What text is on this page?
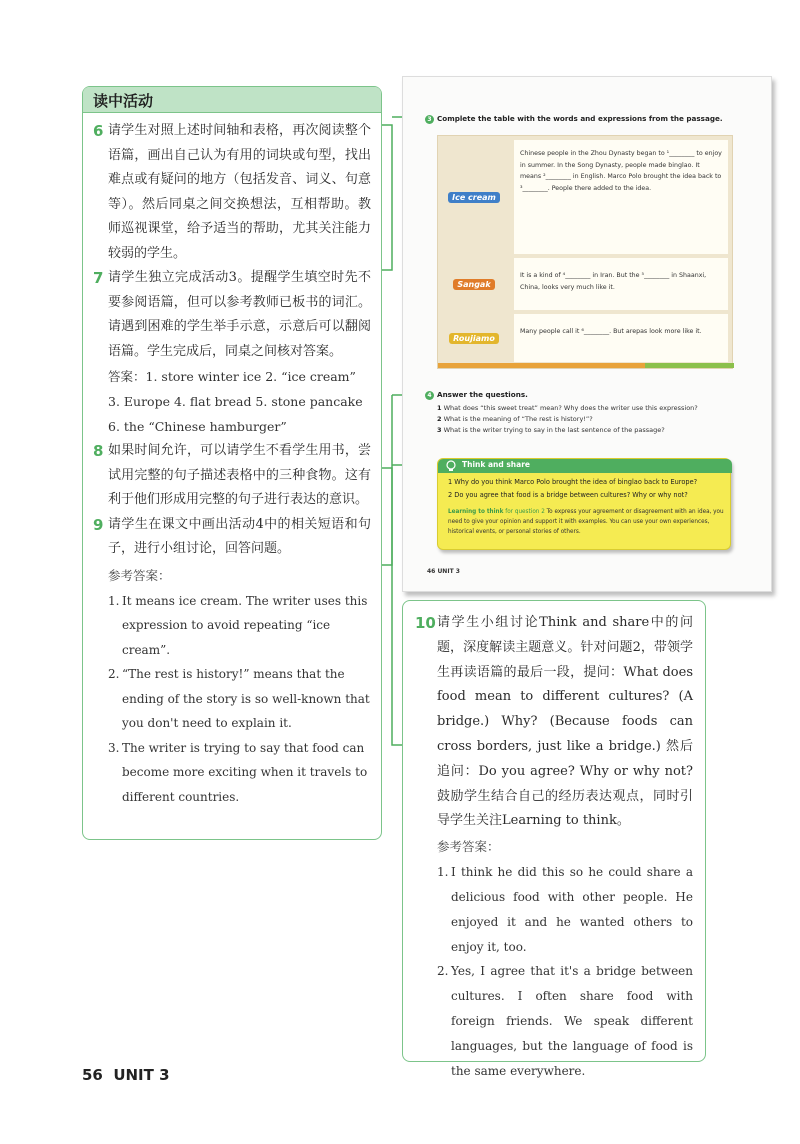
读中活动
6 请学生对照上述时间轴和表格，再次阅读整个语篇，画出自己认为有用的词块或句型，找出难点或有疑问的地方（包括发音、词义、句意等）。然后同桌之间交换想法，互相帮助。教师巡视课堂，给予适当的帮助，尤其关注能力较弱的学生。
7 请学生独立完成活动3。提醒学生填空时先不要参阅语篇，但可以参考教师已板书的词汇。请遇到困难的学生举手示意，示意后可以翻阅语篇。学生完成后，同桌之间核对答案。
答案：1. store winter ice 2. “ice cream”
3. Europe 4. flat bread 5. stone pancake
6. the “Chinese hamburger”
8 如果时间允许，可以请学生不看学生用书，尝试用完整的句子描述表格中的三种食物。这有利于他们形成用完整的句子进行表达的意识。
9 请学生在课文中画出活动4中的相关短语和句子，进行小组讨论，回答问题。
参考答案：
1. It means ice cream. The writer uses this expression to avoid repeating “ice cream”.
2. “The rest is history!” means that the ending of the story is so well-known that you don't need to explain it.
3. The writer is trying to say that food can become more exciting when it travels to different countries.
3 Complete the table with the words and expressions from the passage.
Ice cream
Chinese people in the Zhou Dynasty began to ¹________ to enjoy in summer. In the Song Dynasty, people made binglao. It means ²________ in English. Marco Polo brought the idea back to ³________. People there added to the idea.
Sangak
It is a kind of ⁴________ in Iran. But the ⁵________ in Shaanxi, China, looks very much like it.
Roujiamo
Many people call it ⁶________. But arepas look more like it.
4 Answer the questions.
1 What does “this sweet treat” mean? Why does the writer use this expression?
2 What is the meaning of “The rest is history!”?
3 What is the writer trying to say in the last sentence of the passage?
Think and share
1 Why do you think Marco Polo brought the idea of binglao back to Europe?
2 Do you agree that food is a bridge between cultures? Why or why not?
Learning to think for question 2 To express your agreement or disagreement with an idea, you need to give your opinion and support it with examples. You can use your own experiences, historical events, or personal stories of others.
46 UNIT 3
10 请学生小组讨论Think and share中的问题，深度解读主题意义。针对问题2，带领学生再读语篇的最后一段，提问：What does food mean to different cultures? (A bridge.) Why? (Because foods can cross borders, just like a bridge.) 然后追问：Do you agree? Why or why not? 鼓励学生结合自己的经历表达观点，同时引导学生关注Learning to think。
参考答案：
1. I think he did this so he could share a delicious food with other people. He enjoyed it and he wanted others to enjoy it, too.
2. Yes, I agree that it's a bridge between cultures. I often share food with foreign friends. We speak different languages, but the language of food is the same everywhere.
56 UNIT 3
